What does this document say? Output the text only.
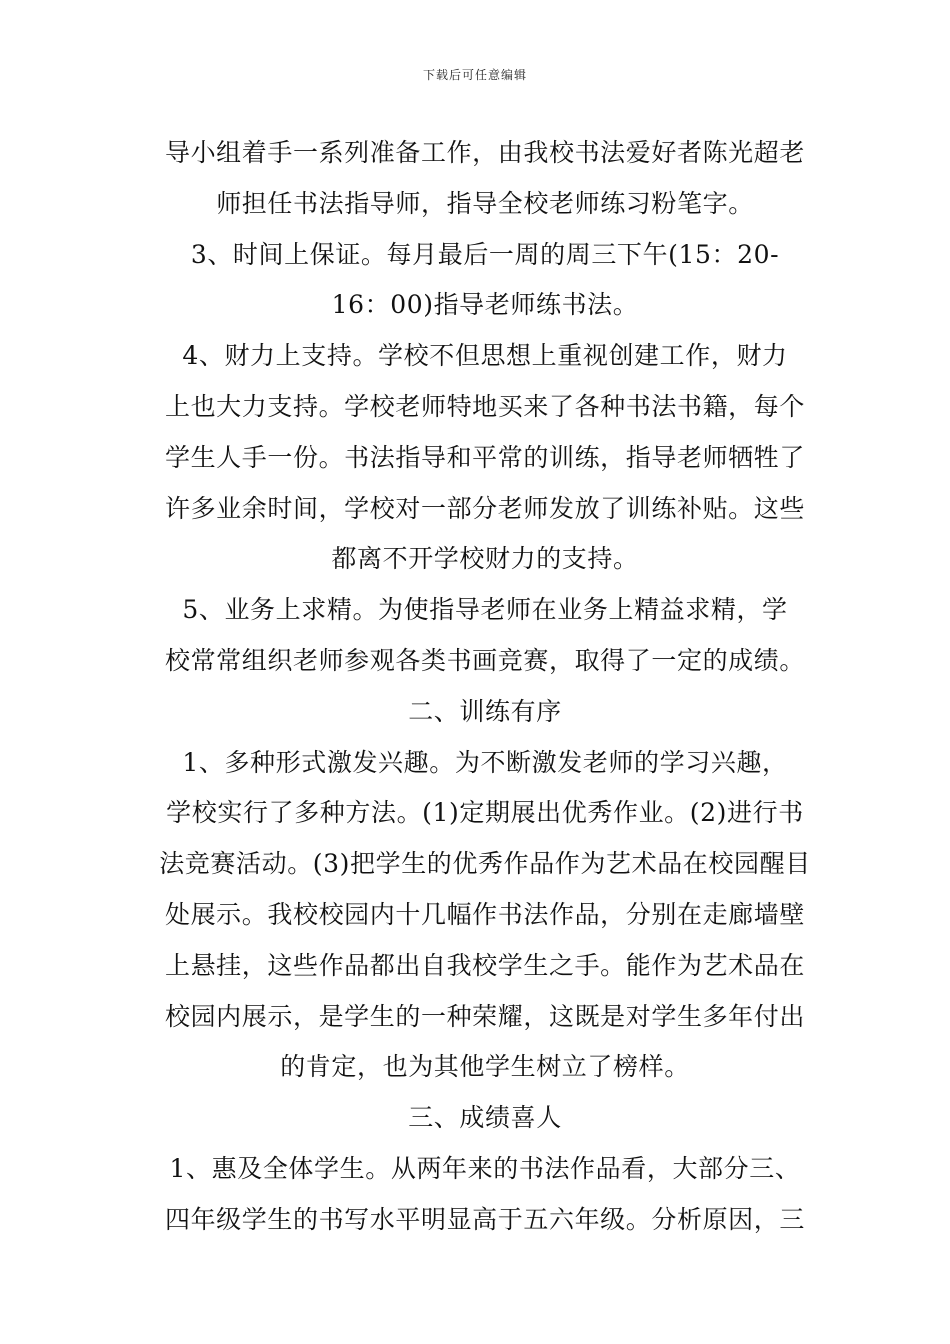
下载后可任意编辑
导小组着手一系列准备工作，由我校书法爱好者陈光超老
师担任书法指导师，指导全校老师练习粉笔字。
3、时间上保证。每月最后一周的周三下午(15：20-
16：00)指导老师练书法。
4、财力上支持。学校不但思想上重视创建工作，财力
上也大力支持。学校老师特地买来了各种书法书籍，每个
学生人手一份。书法指导和平常的训练，指导老师牺牲了
许多业余时间，学校对一部分老师发放了训练补贴。这些
都离不开学校财力的支持。
5、业务上求精。为使指导老师在业务上精益求精，学
校常常组织老师参观各类书画竞赛，取得了一定的成绩。
二、训练有序
1、多种形式激发兴趣。为不断激发老师的学习兴趣，
学校实行了多种方法。(1)定期展出优秀作业。(2)进行书
法竞赛活动。(3)把学生的优秀作品作为艺术品在校园醒目
处展示。我校校园内十几幅作书法作品，分别在走廊墙壁
上悬挂，这些作品都出自我校学生之手。能作为艺术品在
校园内展示，是学生的一种荣耀，这既是对学生多年付出
的肯定，也为其他学生树立了榜样。
三、成绩喜人
1、惠及全体学生。从两年来的书法作品看，大部分三、
四年级学生的书写水平明显高于五六年级。分析原因，三
